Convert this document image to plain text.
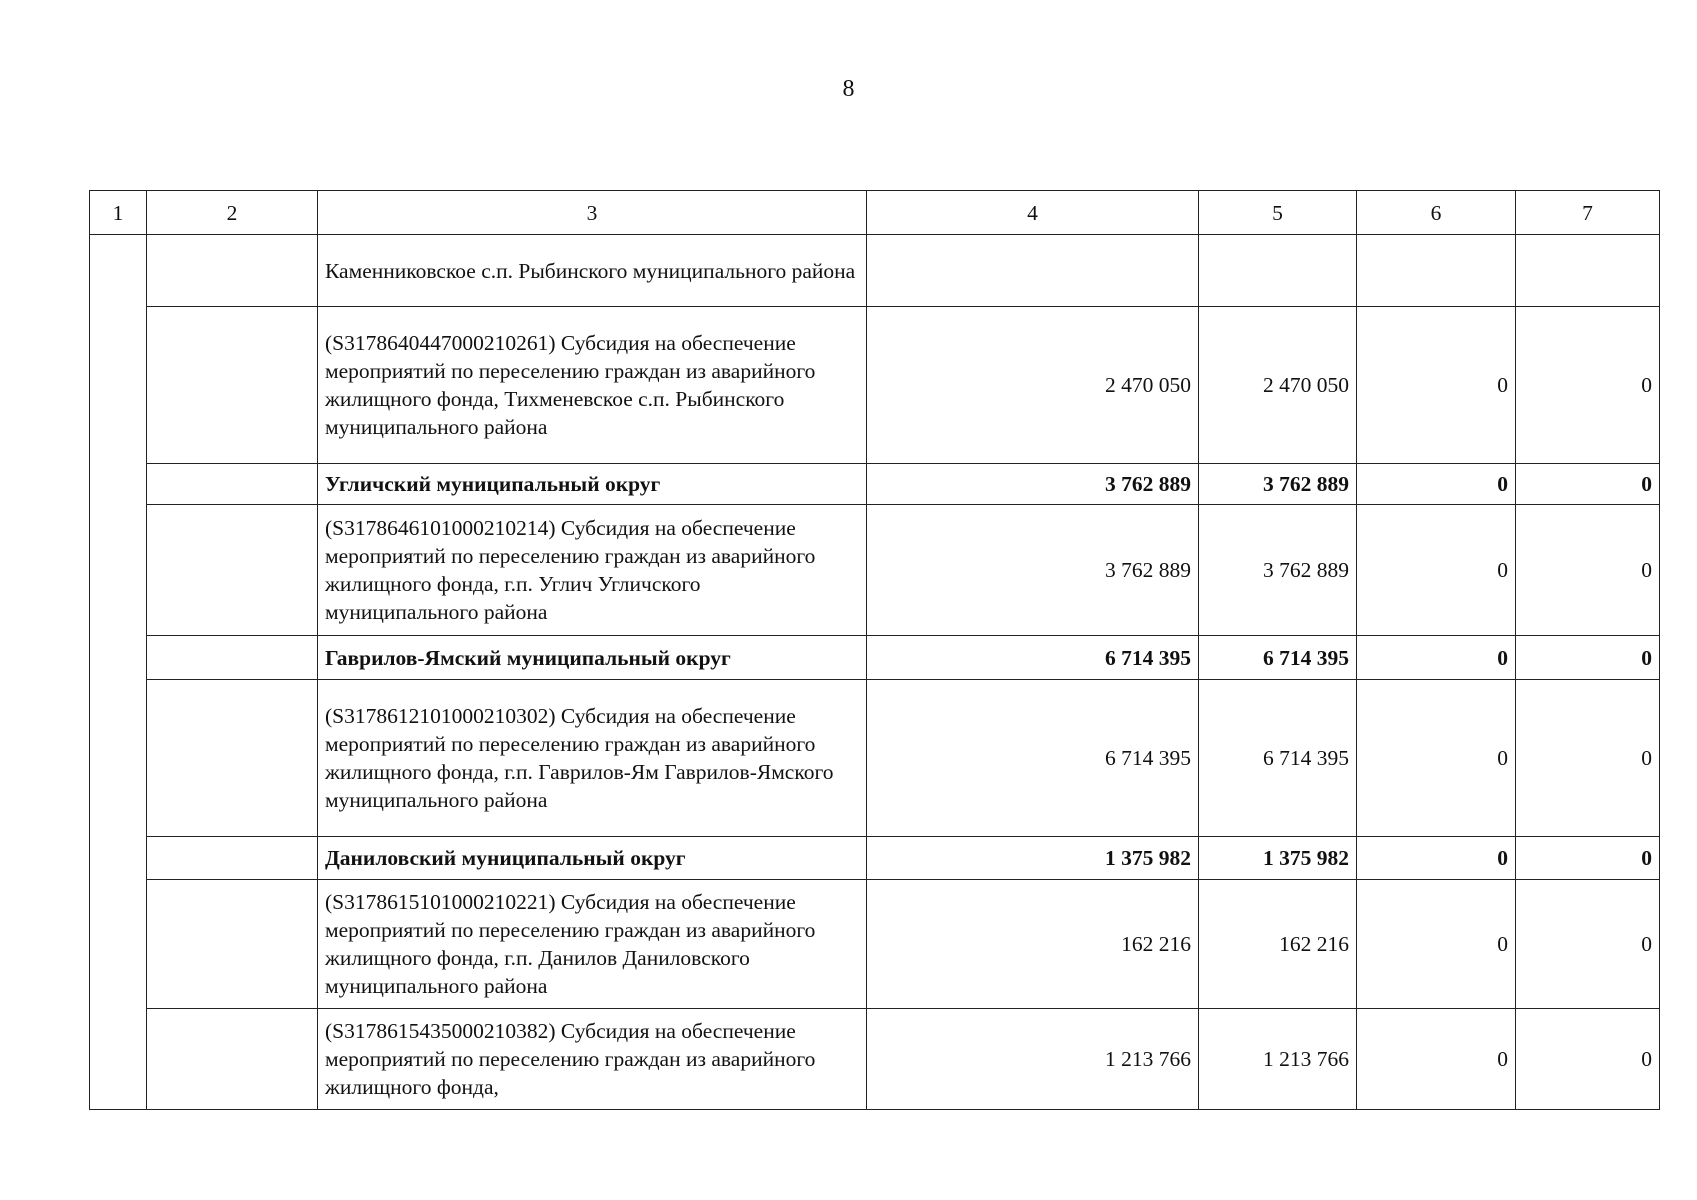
8
1	2	3	4	5	6	7
		Каменниковское с.п. Рыбинского муниципального района				
		(S3178640447000210261) Субсидия на обеспечение мероприятий по переселению граждан из аварийного жилищного фонда, Тихменевское с.п. Рыбинского муниципального района	2 470 050	2 470 050	0	0
		Угличский муниципальный округ	3 762 889	3 762 889	0	0
		(S3178646101000210214) Субсидия на обеспечение мероприятий по переселению граждан из аварийного жилищного фонда, г.п. Углич Угличского муниципального района	3 762 889	3 762 889	0	0
		Гаврилов-Ямский муниципальный округ	6 714 395	6 714 395	0	0
		(S3178612101000210302) Субсидия на обеспечение мероприятий по переселению граждан из аварийного жилищного фонда, г.п. Гаврилов-Ям Гаврилов-Ямского муниципального района	6 714 395	6 714 395	0	0
		Даниловский муниципальный округ	1 375 982	1 375 982	0	0
		(S3178615101000210221) Субсидия на обеспечение мероприятий по переселению граждан из аварийного жилищного фонда, г.п. Данилов Даниловского муниципального района	162 216	162 216	0	0
		(S3178615435000210382) Субсидия на обеспечение мероприятий по переселению граждан из аварийного жилищного фонда,	1 213 766	1 213 766	0	0
